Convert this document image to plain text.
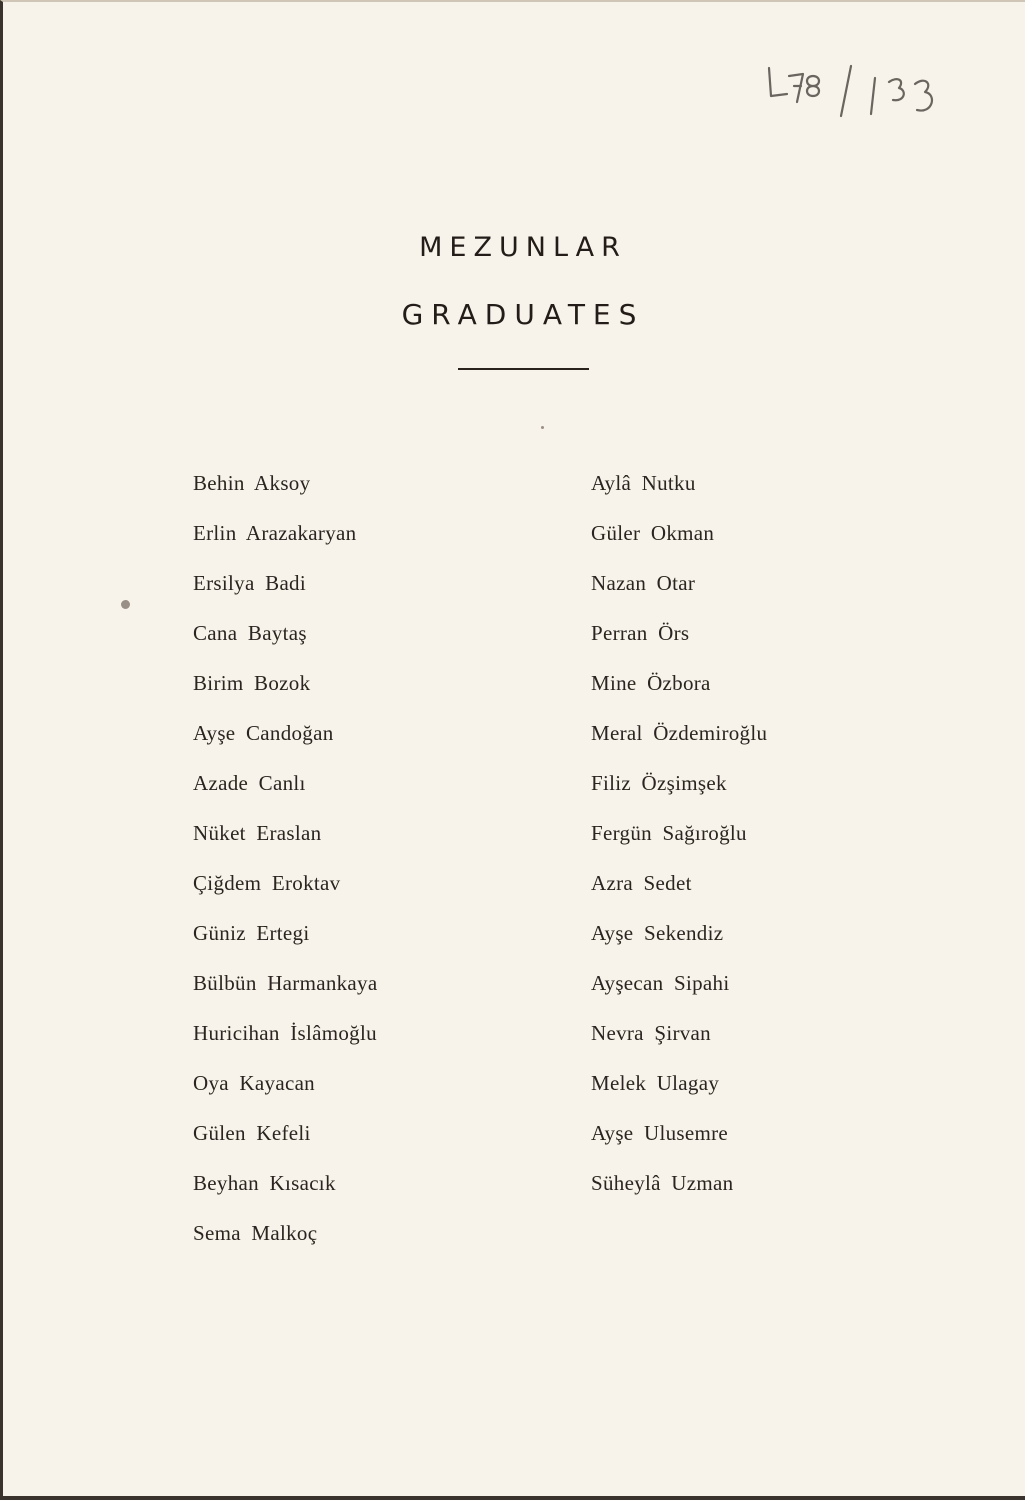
MEZUNLAR
GRADUATES
Behin Aksoy
Erlin Arazakaryan
Ersilya Badi
Cana Baytaş
Birim Bozok
Ayşe Candoğan
Azade Canlı
Nüket Eraslan
Çiğdem Eroktav
Güniz Ertegi
Bülbün Harmankaya
Huricihan İslâmoğlu
Oya Kayacan
Gülen Kefeli
Beyhan Kısacık
Sema Malkoç
Aylâ Nutku
Güler Okman
Nazan Otar
Perran Örs
Mine Özbora
Meral Özdemiroğlu
Filiz Özşimşek
Fergün Sağıroğlu
Azra Sedet
Ayşe Sekendiz
Ayşecan Sipahi
Nevra Şirvan
Melek Ulagay
Ayşe Ulusemre
Süheylâ Uzman
